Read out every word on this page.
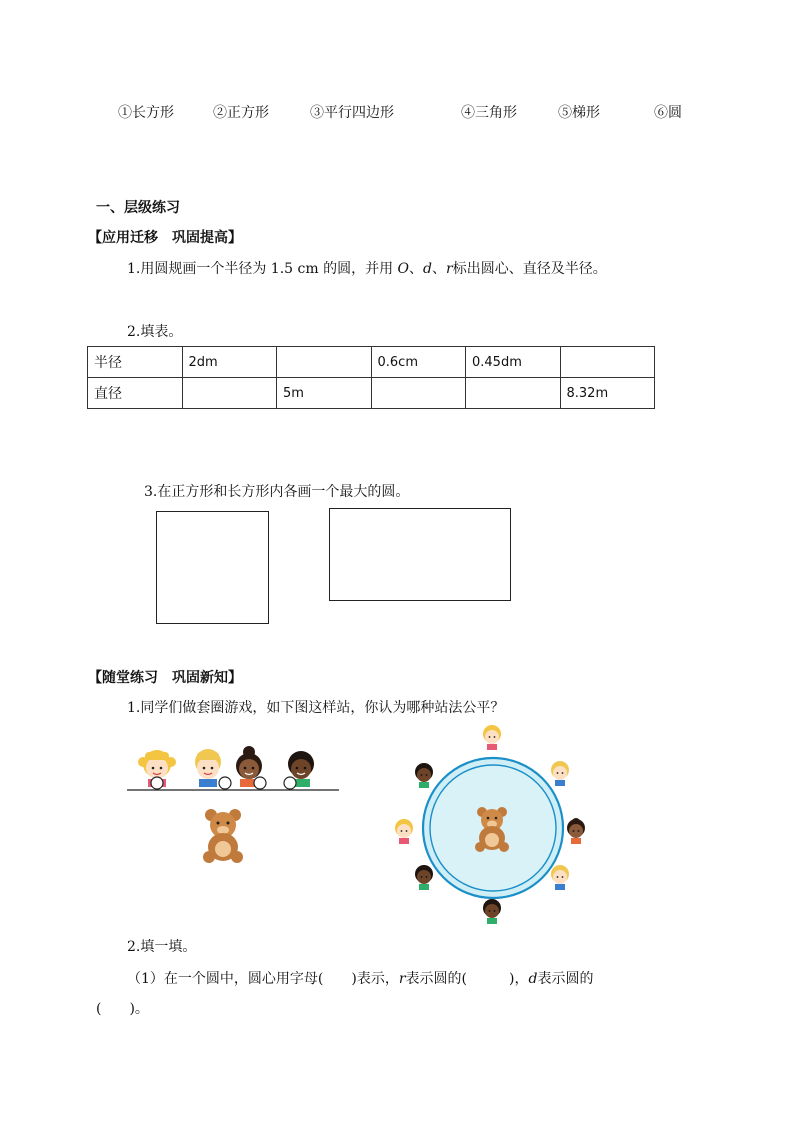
①长方形	②正方形	③平行四边形	④三角形	⑤梯形	⑥圆
一、层级练习
【应用迁移　巩固提高】
1.用圆规画一个半径为 1.5 cm 的圆，并用 O、d、r标出圆心、直径及半径。
2.填表。
半径	2dm		0.6cm	0.45dm	
直径		5m			8.32m
3.在正方形和长方形内各画一个最大的圆。
【随堂练习　巩固新知】
1.同学们做套圈游戏，如下图这样站，你认为哪种站法公平？
2.填一填。
（1）在一个圆中，圆心用字母(　　)表示，r表示圆的(　　　)，d表示圆的
(　　)。
